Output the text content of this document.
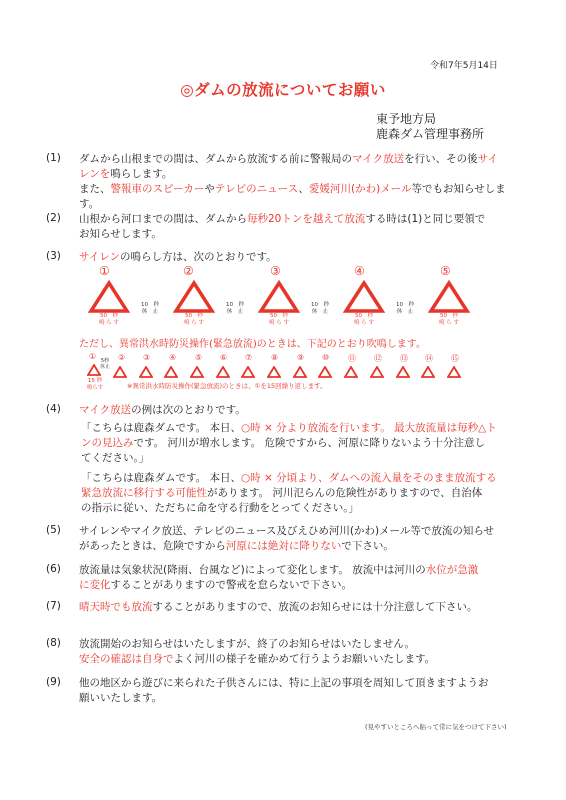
令和7年5月14日
◎ダムの放流についてお願い
東予地方局
鹿森ダム管理事務所
(1)
(2)
(3)
(4)
(5)
(6)
(7)
(8)
(9)
ダムから山根までの間は、ダムから放流する前に警報局のマイク放送を行い、その後サイ
レンを鳴らします。
また、警報車のスピーカーやテレビのニュース、愛媛河川(かわ)メール等でもお知らせします。
山根から河口までの間は、ダムから毎秒20トンを越えて放流する時は(1)と同じ要領で
お知らせします。
サイレンの鳴らし方は、次のとおりです。
①	②	③	④	⑤
50　秒
鳴 ら す
50　秒
鳴 ら す
50　秒
鳴 ら す
50　秒
鳴 ら す
50　秒
鳴 ら す
10　秒
休　止
10　秒
休　止
10　秒
休　止
10　秒
休　止
ただし、異常洪水時防災操作(緊急放流)のときは、下記のとおり吹鳴します。
①	② ③ ④ ⑤ ⑥ ⑦ ⑧ ⑨ ⑩ ⑪ ⑫ ⑬ ⑭ ⑮
5秒
休止
15 秒
鳴らす	※異常洪水時防災操作(緊急放流)のときは、①を15回繰り返します。
マイク放送の例は次のとおりです。
「こちらは鹿森ダムです。 本日、○時 × 分より放流を行います。 最大放流量は毎秒△ト
ンの見込みです。 河川が増水します。 危険ですから、河原に降りないよう十分注意し
てください。」
「こちらは鹿森ダムです。 本日、○時 × 分頃より、ダムへの流入量をそのまま放流する
緊急放流に移行する可能性があります。 河川氾らんの危険性がありますので、自治体
の指示に従い、ただちに命を守る行動をとってください。」
サイレンやマイク放送、テレビのニュース及びえひめ河川(かわ)メール等で放流の知らせ
があったときは、危険ですから河原には絶対に降りないで下さい。
放流量は気象状況(降雨、台風など)によって変化します。 放流中は河川の水位が急激
に変化することがありますので警戒を怠らないで下さい。
晴天時でも放流することがありますので、放流のお知らせには十分注意して下さい。
放流開始のお知らせはいたしますが、終了のお知らせはいたしません。
安全の確認は自身でよく河川の様子を確かめて行うようお願いいたします。
他の地区から遊びに来られた子供さんには、特に上記の事項を周知して頂きますようお
願いいたします。
(見やすいところへ貼って常に気をつけて下さい)
